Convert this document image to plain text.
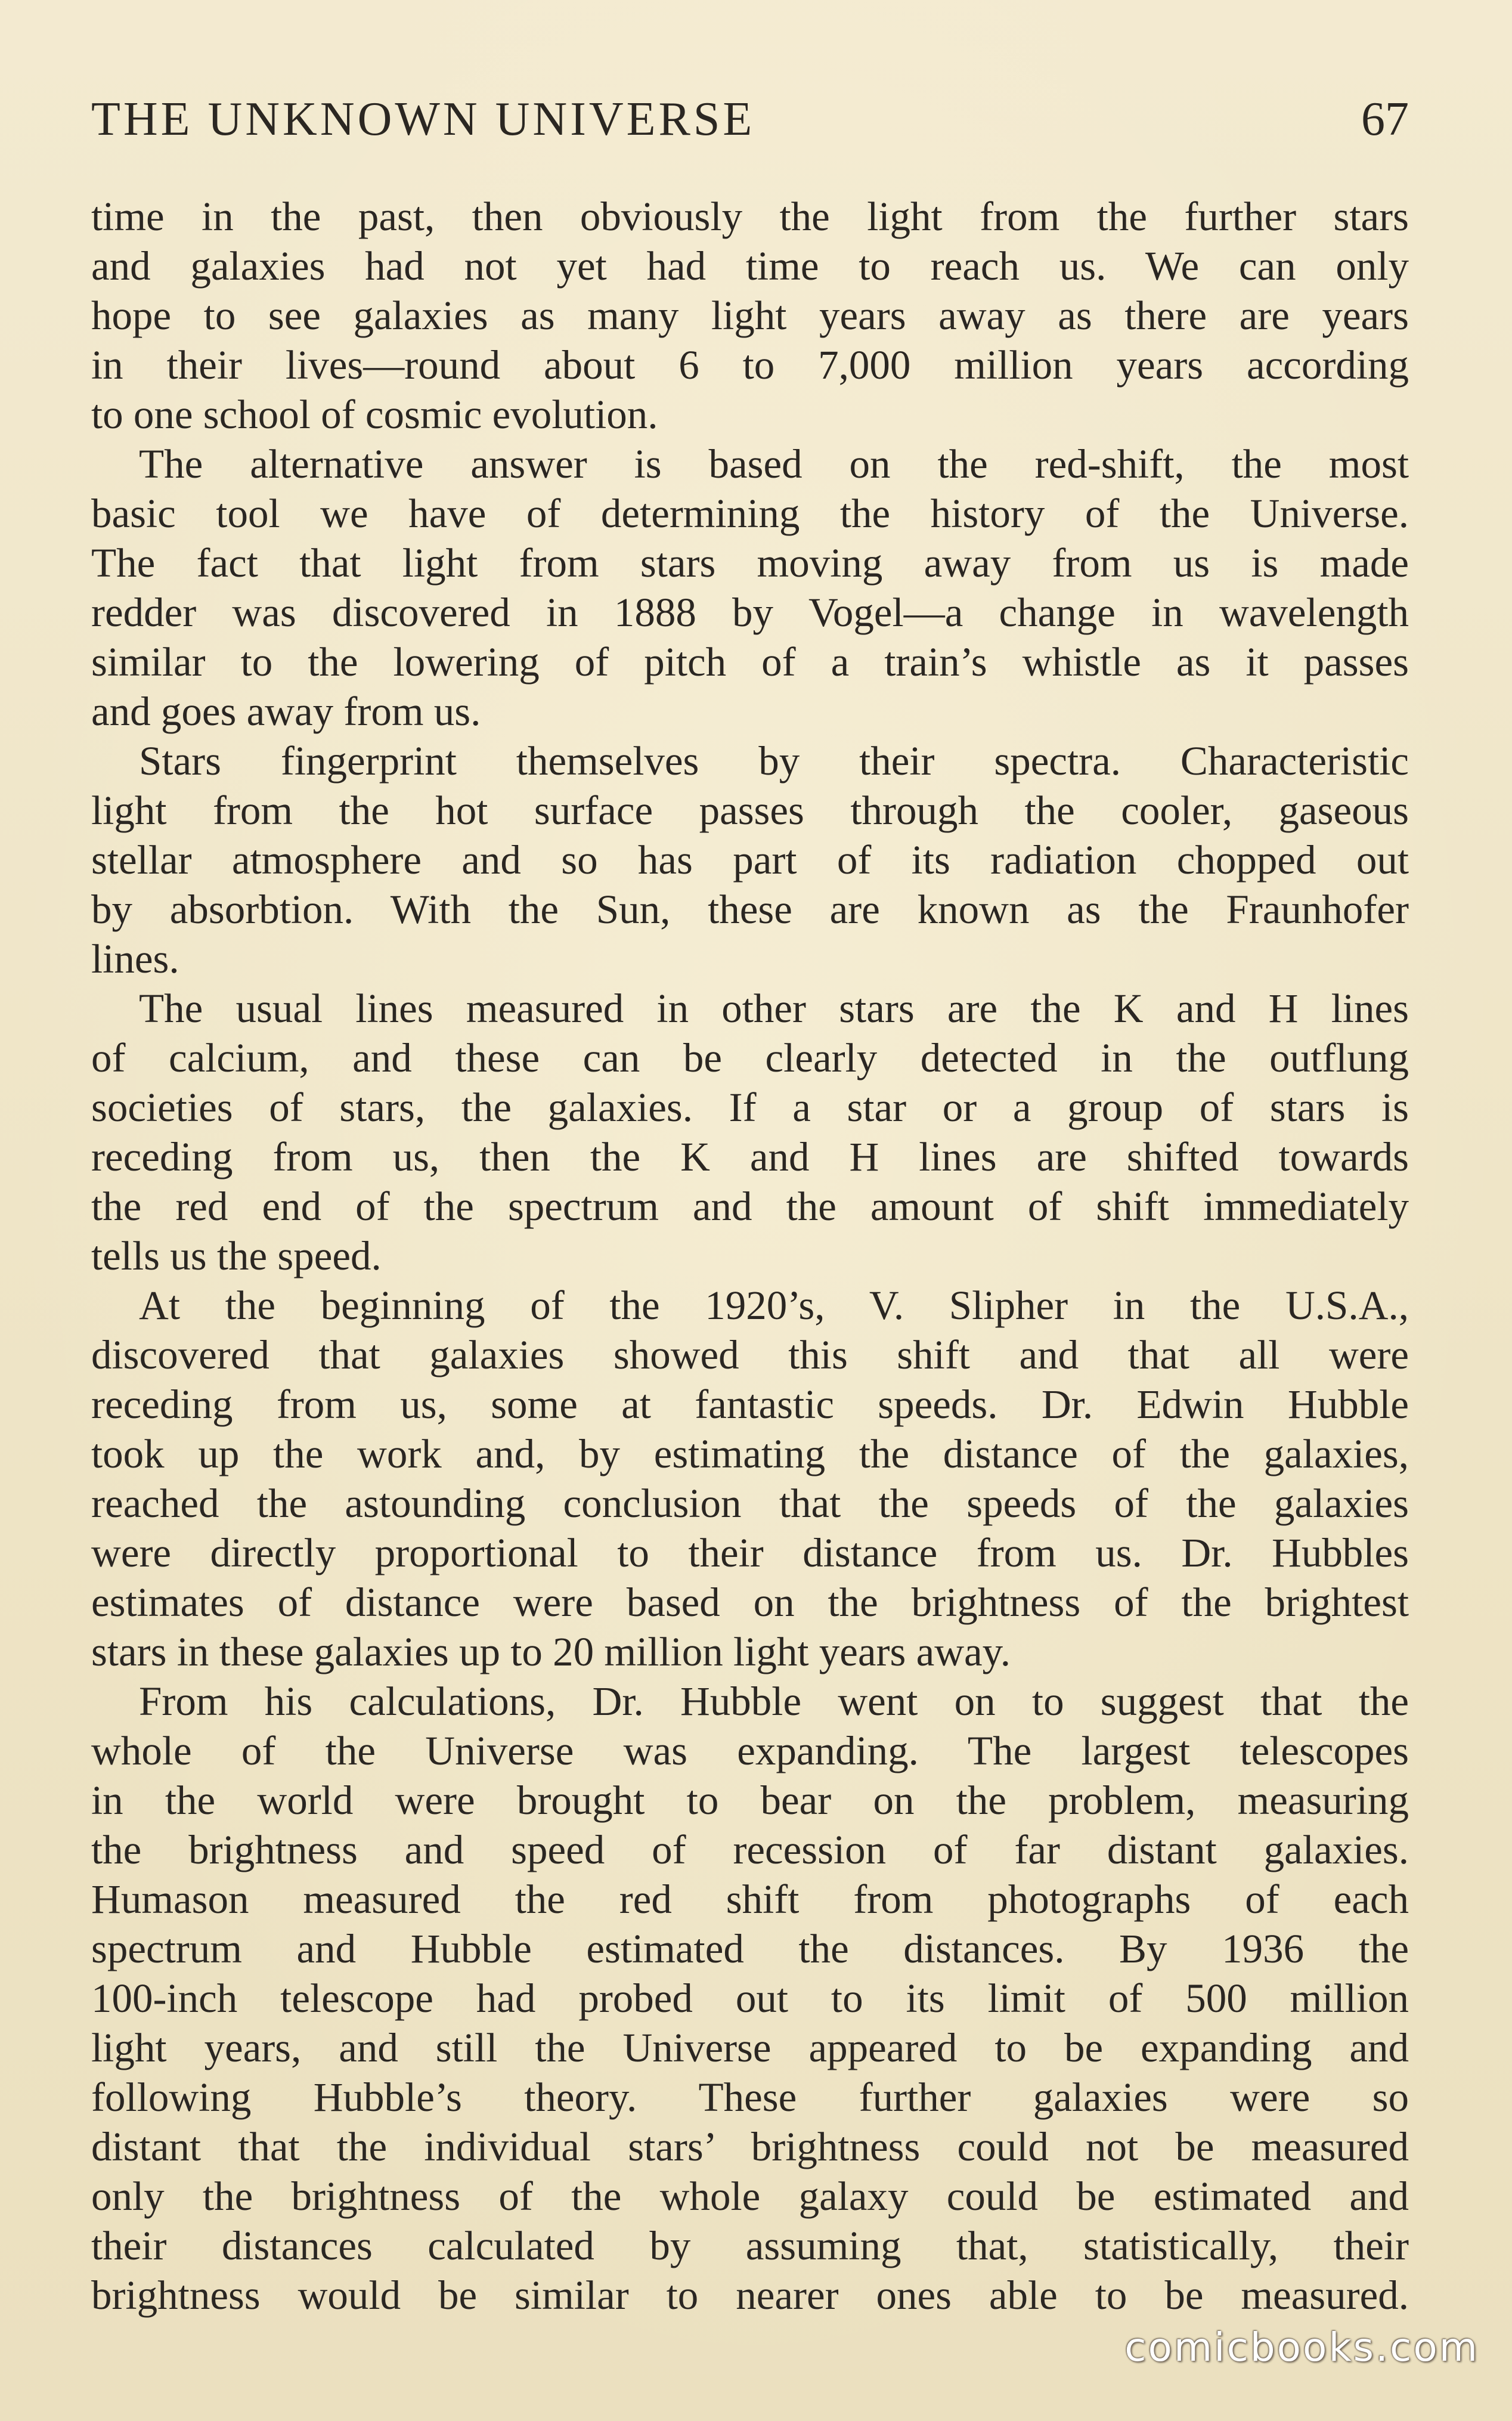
THE UNKNOWN UNIVERSE	67

time in the past, then obviously the light from the further stars
and galaxies had not yet had time to reach us. We can only
hope to see galaxies as many light years away as there are years
in their lives—round about 6 to 7,000 million years according
to one school of cosmic evolution.

The alternative answer is based on the red-shift, the most
basic tool we have of determining the history of the Universe.
The fact that light from stars moving away from us is made
redder was discovered in 1888 by Vogel—a change in wavelength
similar to the lowering of pitch of a train’s whistle as it passes
and goes away from us.

Stars fingerprint themselves by their spectra. Characteristic
light from the hot surface passes through the cooler, gaseous
stellar atmosphere and so has part of its radiation chopped out
by absorbtion. With the Sun, these are known as the Fraunhofer
lines.

The usual lines measured in other stars are the K and H lines
of calcium, and these can be clearly detected in the outflung
societies of stars, the galaxies. If a star or a group of stars is
receding from us, then the K and H lines are shifted towards
the red end of the spectrum and the amount of shift immediately
tells us the speed.

At the beginning of the 1920’s, V. Slipher in the U.S.A.,
discovered that galaxies showed this shift and that all were
receding from us, some at fantastic speeds. Dr. Edwin Hubble
took up the work and, by estimating the distance of the galaxies,
reached the astounding conclusion that the speeds of the galaxies
were directly proportional to their distance from us. Dr. Hubbles
estimates of distance were based on the brightness of the brightest
stars in these galaxies up to 20 million light years away.

From his calculations, Dr. Hubble went on to suggest that the
whole of the Universe was expanding. The largest telescopes
in the world were brought to bear on the problem, measuring
the brightness and speed of recession of far distant galaxies.
Humason measured the red shift from photographs of each
spectrum and Hubble estimated the distances. By 1936 the
100-inch telescope had probed out to its limit of 500 million
light years, and still the Universe appeared to be expanding and
following Hubble’s theory. These further galaxies were so
distant that the individual stars’ brightness could not be measured
only the brightness of the whole galaxy could be estimated and
their distances calculated by assuming that, statistically, their
brightness would be similar to nearer ones able to be measured.

comicbooks.com
